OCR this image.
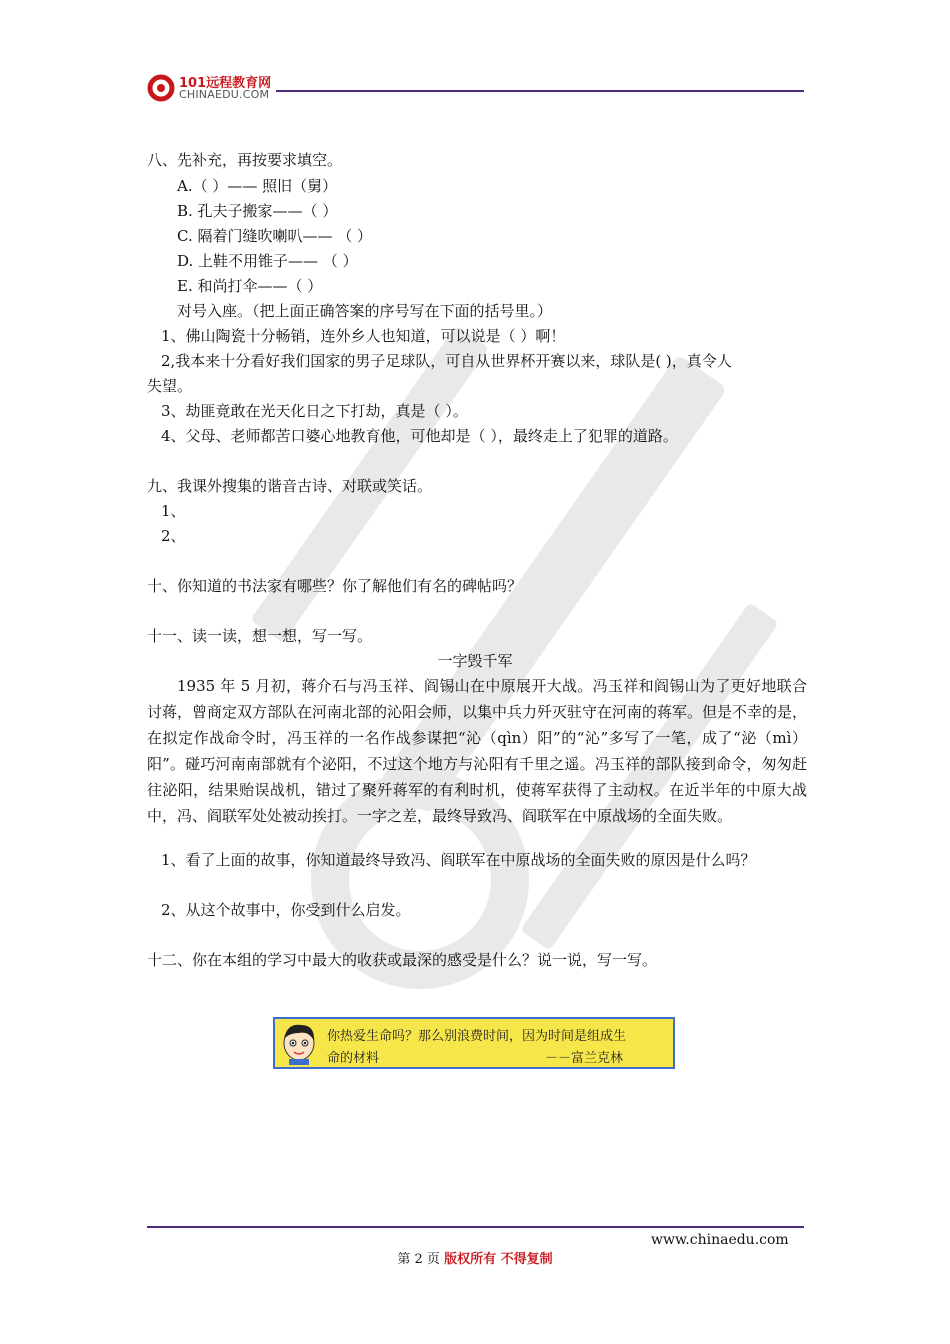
101远程教育网
CHINAEDU.COM
八、先补充，再按要求填空。
A.（ ）—— 照旧（舅）
B. 孔夫子搬家——（ ）
C. 隔着门缝吹喇叭—— （ ）
D. 上鞋不用锥子—— （ ）
E. 和尚打伞——（ ）
对号入座。（把上面正确答案的序号写在下面的括号里。）
1、佛山陶瓷十分畅销，连外乡人也知道，可以说是（ ）啊！
2,我本来十分看好我们国家的男子足球队，可自从世界杯开赛以来，球队是( )，真令人
失望。
3、劫匪竟敢在光天化日之下打劫，真是（ ）。
4、父母、老师都苦口婆心地教育他，可他却是（ ），最终走上了犯罪的道路。
九、我课外搜集的谐音古诗、对联或笑话。
1、
2、
十、你知道的书法家有哪些？你了解他们有名的碑帖吗？
十一、读一读，想一想，写一写。
一字毁千军
1935 年 5 月初，蒋介石与冯玉祥、阎锡山在中原展开大战。冯玉祥和阎锡山为了更好地联合讨蒋，曾商定双方部队在河南北部的沁阳会师，以集中兵力歼灭驻守在河南的蒋军。但是不幸的是，在拟定作战命令时，冯玉祥的一名作战参谋把“沁（qìn）阳”的“沁”多写了一笔，成了“泌（mì）阳”。碰巧河南南部就有个泌阳，不过这个地方与沁阳有千里之遥。冯玉祥的部队接到命令，匆匆赶往泌阳，结果贻误战机，错过了聚歼蒋军的有利时机，使蒋军获得了主动权。在近半年的中原大战中，冯、阎联军处处被动挨打。一字之差，最终导致冯、阎联军在中原战场的全面失败。
1、看了上面的故事，你知道最终导致冯、阎联军在中原战场的全面失败的原因是什么吗？
2、从这个故事中，你受到什么启发。
十二、你在本组的学习中最大的收获或最深的感受是什么？说一说，写一写。
你热爱生命吗？那么别浪费时间，因为时间是组成生
命的材料	－－富兰克林
www.chinaedu.com
第 2 页 版权所有 不得复制
